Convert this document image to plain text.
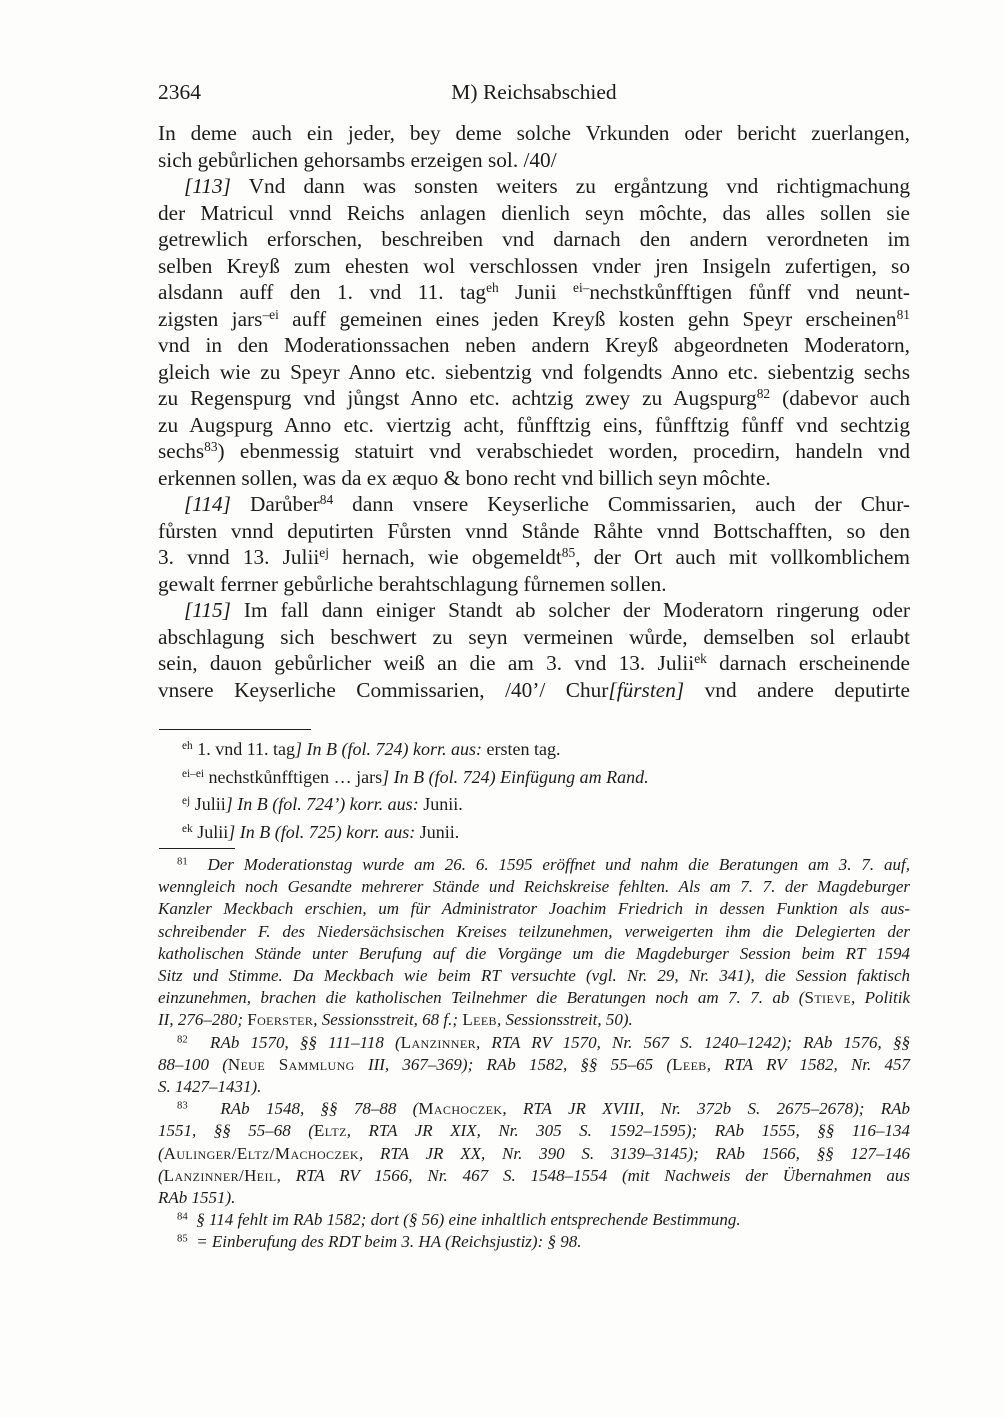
2364	M) Reichsabschied
In deme auch ein jeder, bey deme solche Vrkunden oder bericht zuerlangen,
sich gebůrlichen gehorsambs erzeigen sol. /40/
[113] Vnd dann was sonsten weiters zu ergåntzung vnd richtigmachung
der Matricul vnnd Reichs anlagen dienlich seyn môchte, das alles sollen sie
getrewlich erforschen, beschreiben vnd darnach den andern verordneten im
selben Kreyß zum ehesten wol verschlossen vnder jren Insigeln zufertigen, so
alsdann auff den 1. vnd 11. tag$^{eh}$ Junii $^{ei-}$nechstkůnfftigen fůnff vnd neunt-
zigsten jars$^{-ei}$ auff gemeinen eines jeden Kreyß kosten gehn Speyr erscheinen$^{81}$
vnd in den Moderationssachen neben andern Kreyß abgeordneten Moderatorn,
gleich wie zu Speyr Anno etc. siebentzig vnd folgendts Anno etc. siebentzig sechs
zu Regenspurg vnd jůngst Anno etc. achtzig zwey zu Augspurg$^{82}$ (dabevor auch
zu Augspurg Anno etc. viertzig acht, fůnfftzig eins, fůnfftzig fůnff vnd sechtzig
sechs$^{83}$) ebenmessig statuirt vnd verabschiedet worden, procedirn, handeln vnd
erkennen sollen, was da ex æquo & bono recht vnd billich seyn môchte.
[114] Darůber$^{84}$ dann vnsere Keyserliche Commissarien, auch der Chur-
fůrsten vnnd deputirten Fůrsten vnnd Stånde Råhte vnnd Bottschafften, so den
3. vnnd 13. Julii$^{ej}$ hernach, wie obgemeldt$^{85}$, der Ort auch mit vollkomblichem
gewalt ferrner gebůrliche berahtschlagung fůrnemen sollen.
[115] Im fall dann einiger Standt ab solcher der Moderatorn ringerung oder
abschlagung sich beschwert zu seyn vermeinen wůrde, demselben sol erlaubt
sein, dauon gebůrlicher weiß an die am 3. vnd 13. Julii$^{ek}$ darnach erscheinende
vnsere Keyserliche Commissarien, /40’/ Chur[fürsten] vnd andere deputirte
$^{eh}$ 1. vnd 11. tag] In B (fol. 724) korr. aus: ersten tag.
$^{ei-ei}$ nechstkůnfftigen … jars] In B (fol. 724) Einfügung am Rand.
$^{ej}$ Julii] In B (fol. 724’) korr. aus: Junii.
$^{ek}$ Julii] In B (fol. 725) korr. aus: Junii.
$^{81}$  Der Moderationstag wurde am 26. 6. 1595 eröffnet und nahm die Beratungen am 3. 7. auf,
wenngleich noch Gesandte mehrerer Stände und Reichskreise fehlten. Als am 7. 7. der Magdeburger
Kanzler Meckbach erschien, um für Administrator Joachim Friedrich in dessen Funktion als aus-
schreibender F. des Niedersächsischen Kreises teilzunehmen, verweigerten ihm die Delegierten der
katholischen Stände unter Berufung auf die Vorgänge um die Magdeburger Session beim RT 1594
Sitz und Stimme. Da Meckbach wie beim RT versuchte (vgl. Nr. 29, Nr. 341), die Session faktisch
einzunehmen, brachen die katholischen Teilnehmer die Beratungen noch am 7. 7. ab (Stieve, Politik
II, 276–280; Foerster, Sessionsstreit, 68 f.; Leeb, Sessionsstreit, 50).
$^{82}$  RAb 1570, §§ 111–118 (Lanzinner, RTA RV 1570, Nr. 567 S. 1240–1242); RAb 1576, §§
88–100 (Neue Sammlung III, 367–369); RAb 1582, §§ 55–65 (Leeb, RTA RV 1582, Nr. 457
S. 1427–1431).
$^{83}$  RAb 1548, §§ 78–88 (Machoczek, RTA JR XVIII, Nr. 372b S. 2675–2678); RAb
1551, §§ 55–68 (Eltz, RTA JR XIX, Nr. 305 S. 1592–1595); RAb 1555, §§ 116–134
(Aulinger/Eltz/Machoczek, RTA JR XX, Nr. 390 S. 3139–3145); RAb 1566, §§ 127–146
(Lanzinner/Heil, RTA RV 1566, Nr. 467 S. 1548–1554 (mit Nachweis der Übernahmen aus
RAb 1551).
$^{84}$  § 114 fehlt im RAb 1582; dort (§ 56) eine inhaltlich entsprechende Bestimmung.
$^{85}$  = Einberufung des RDT beim 3. HA (Reichsjustiz): § 98.
